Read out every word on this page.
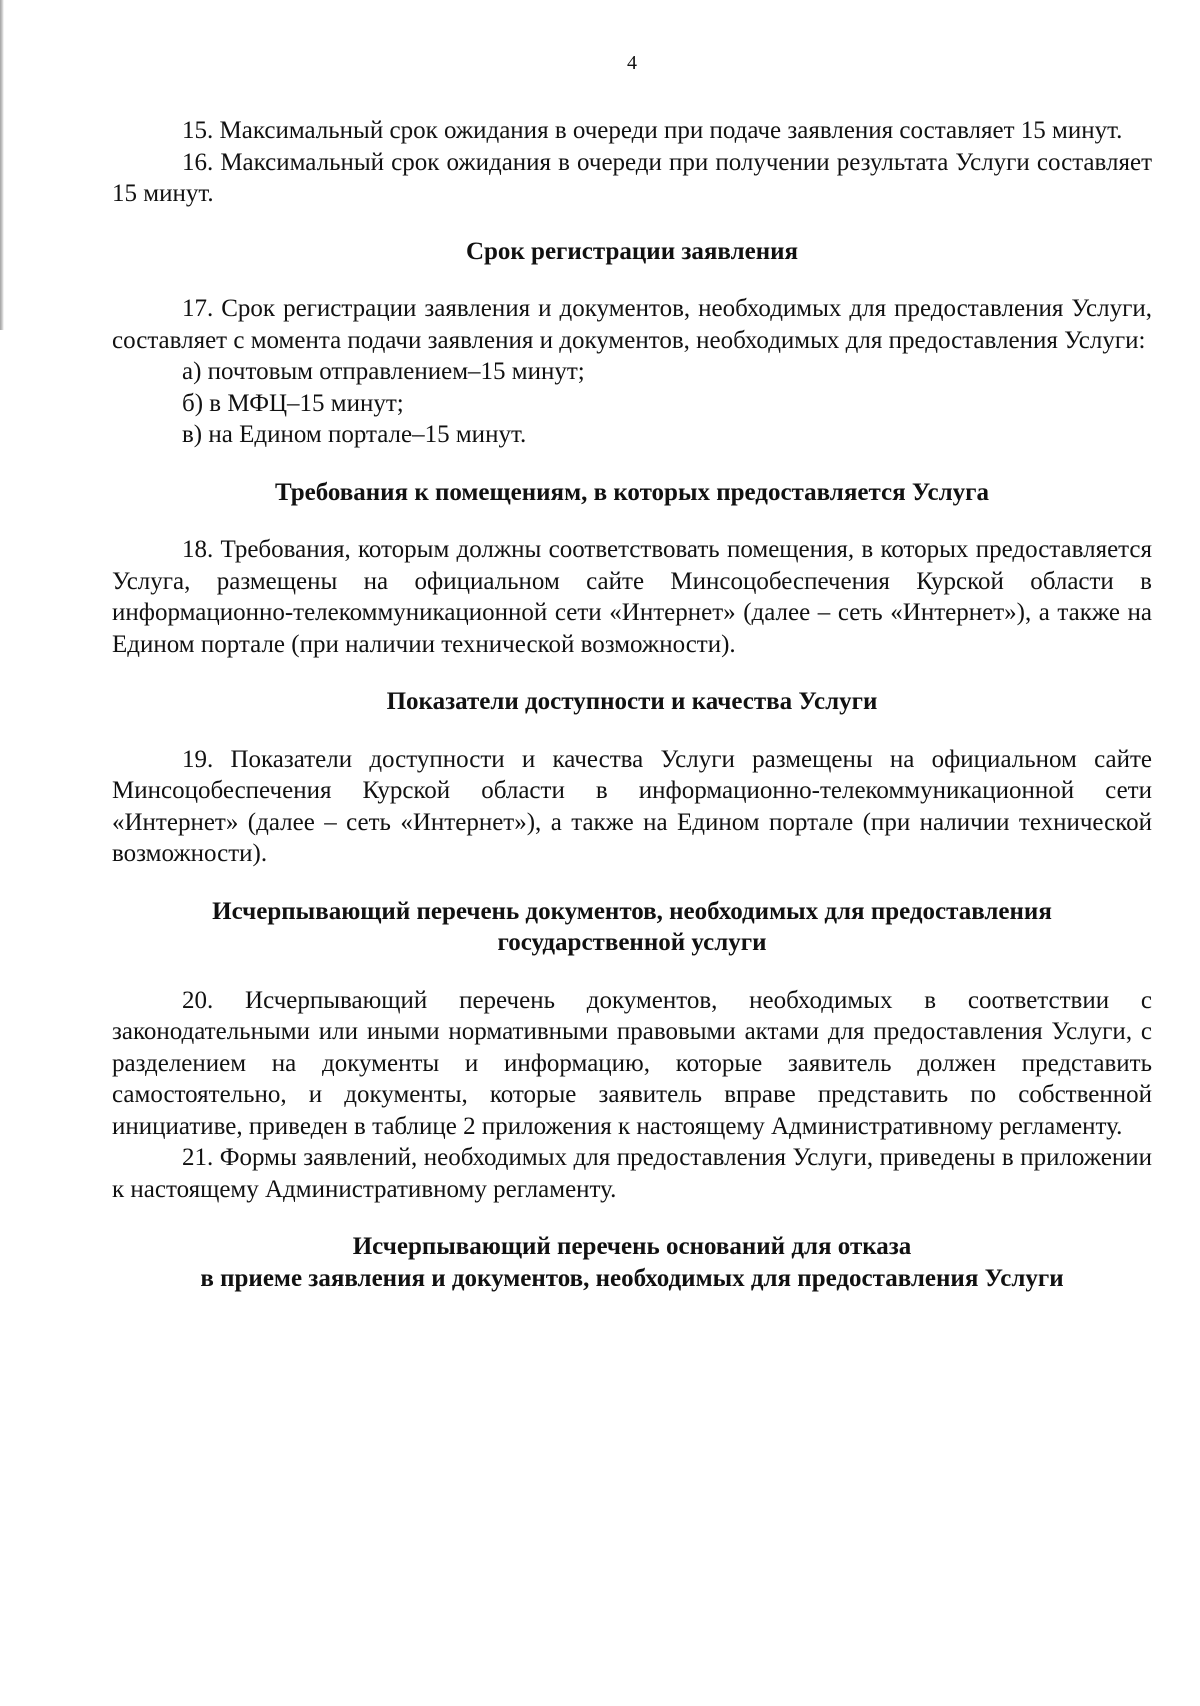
4

15. Максимальный срок ожидания в очереди при подаче заявления составляет 15 минут.

16. Максимальный срок ожидания в очереди при получении результата Услуги составляет 15 минут.

Срок регистрации заявления

17. Срок регистрации заявления и документов, необходимых для предоставления Услуги, составляет с момента подачи заявления и документов, необходимых для предоставления Услуги:

а) почтовым отправлением–15 минут;

б) в МФЦ–15 минут;

в) на Едином портале–15 минут.

Требования к помещениям, в которых предоставляется Услуга

18. Требования, которым должны соответствовать помещения, в которых предоставляется Услуга, размещены на официальном сайте Минсоцобеспечения Курской области в информационно-телекоммуникационной сети «Интернет» (далее – сеть «Интернет»), а также на Едином портале (при наличии технической возможности).

Показатели доступности и качества Услуги

19. Показатели доступности и качества Услуги размещены на официальном сайте Минсоцобеспечения Курской области в информационно-телекоммуникационной сети «Интернет» (далее – сеть «Интернет»), а также на Едином портале (при наличии технической возможности).

Исчерпывающий перечень документов, необходимых для предоставления
государственной услуги

20. Исчерпывающий перечень документов, необходимых в соответствии с законодательными или иными нормативными правовыми актами для предоставления Услуги, с разделением на документы и информацию, которые заявитель должен представить самостоятельно, и документы, которые заявитель вправе представить по собственной инициативе, приведен в таблице 2 приложения к настоящему Административному регламенту.

21. Формы заявлений, необходимых для предоставления Услуги, приведены в приложении к настоящему Административному регламенту.

Исчерпывающий перечень оснований для отказа
в приеме заявления и документов, необходимых для предоставления Услуги
